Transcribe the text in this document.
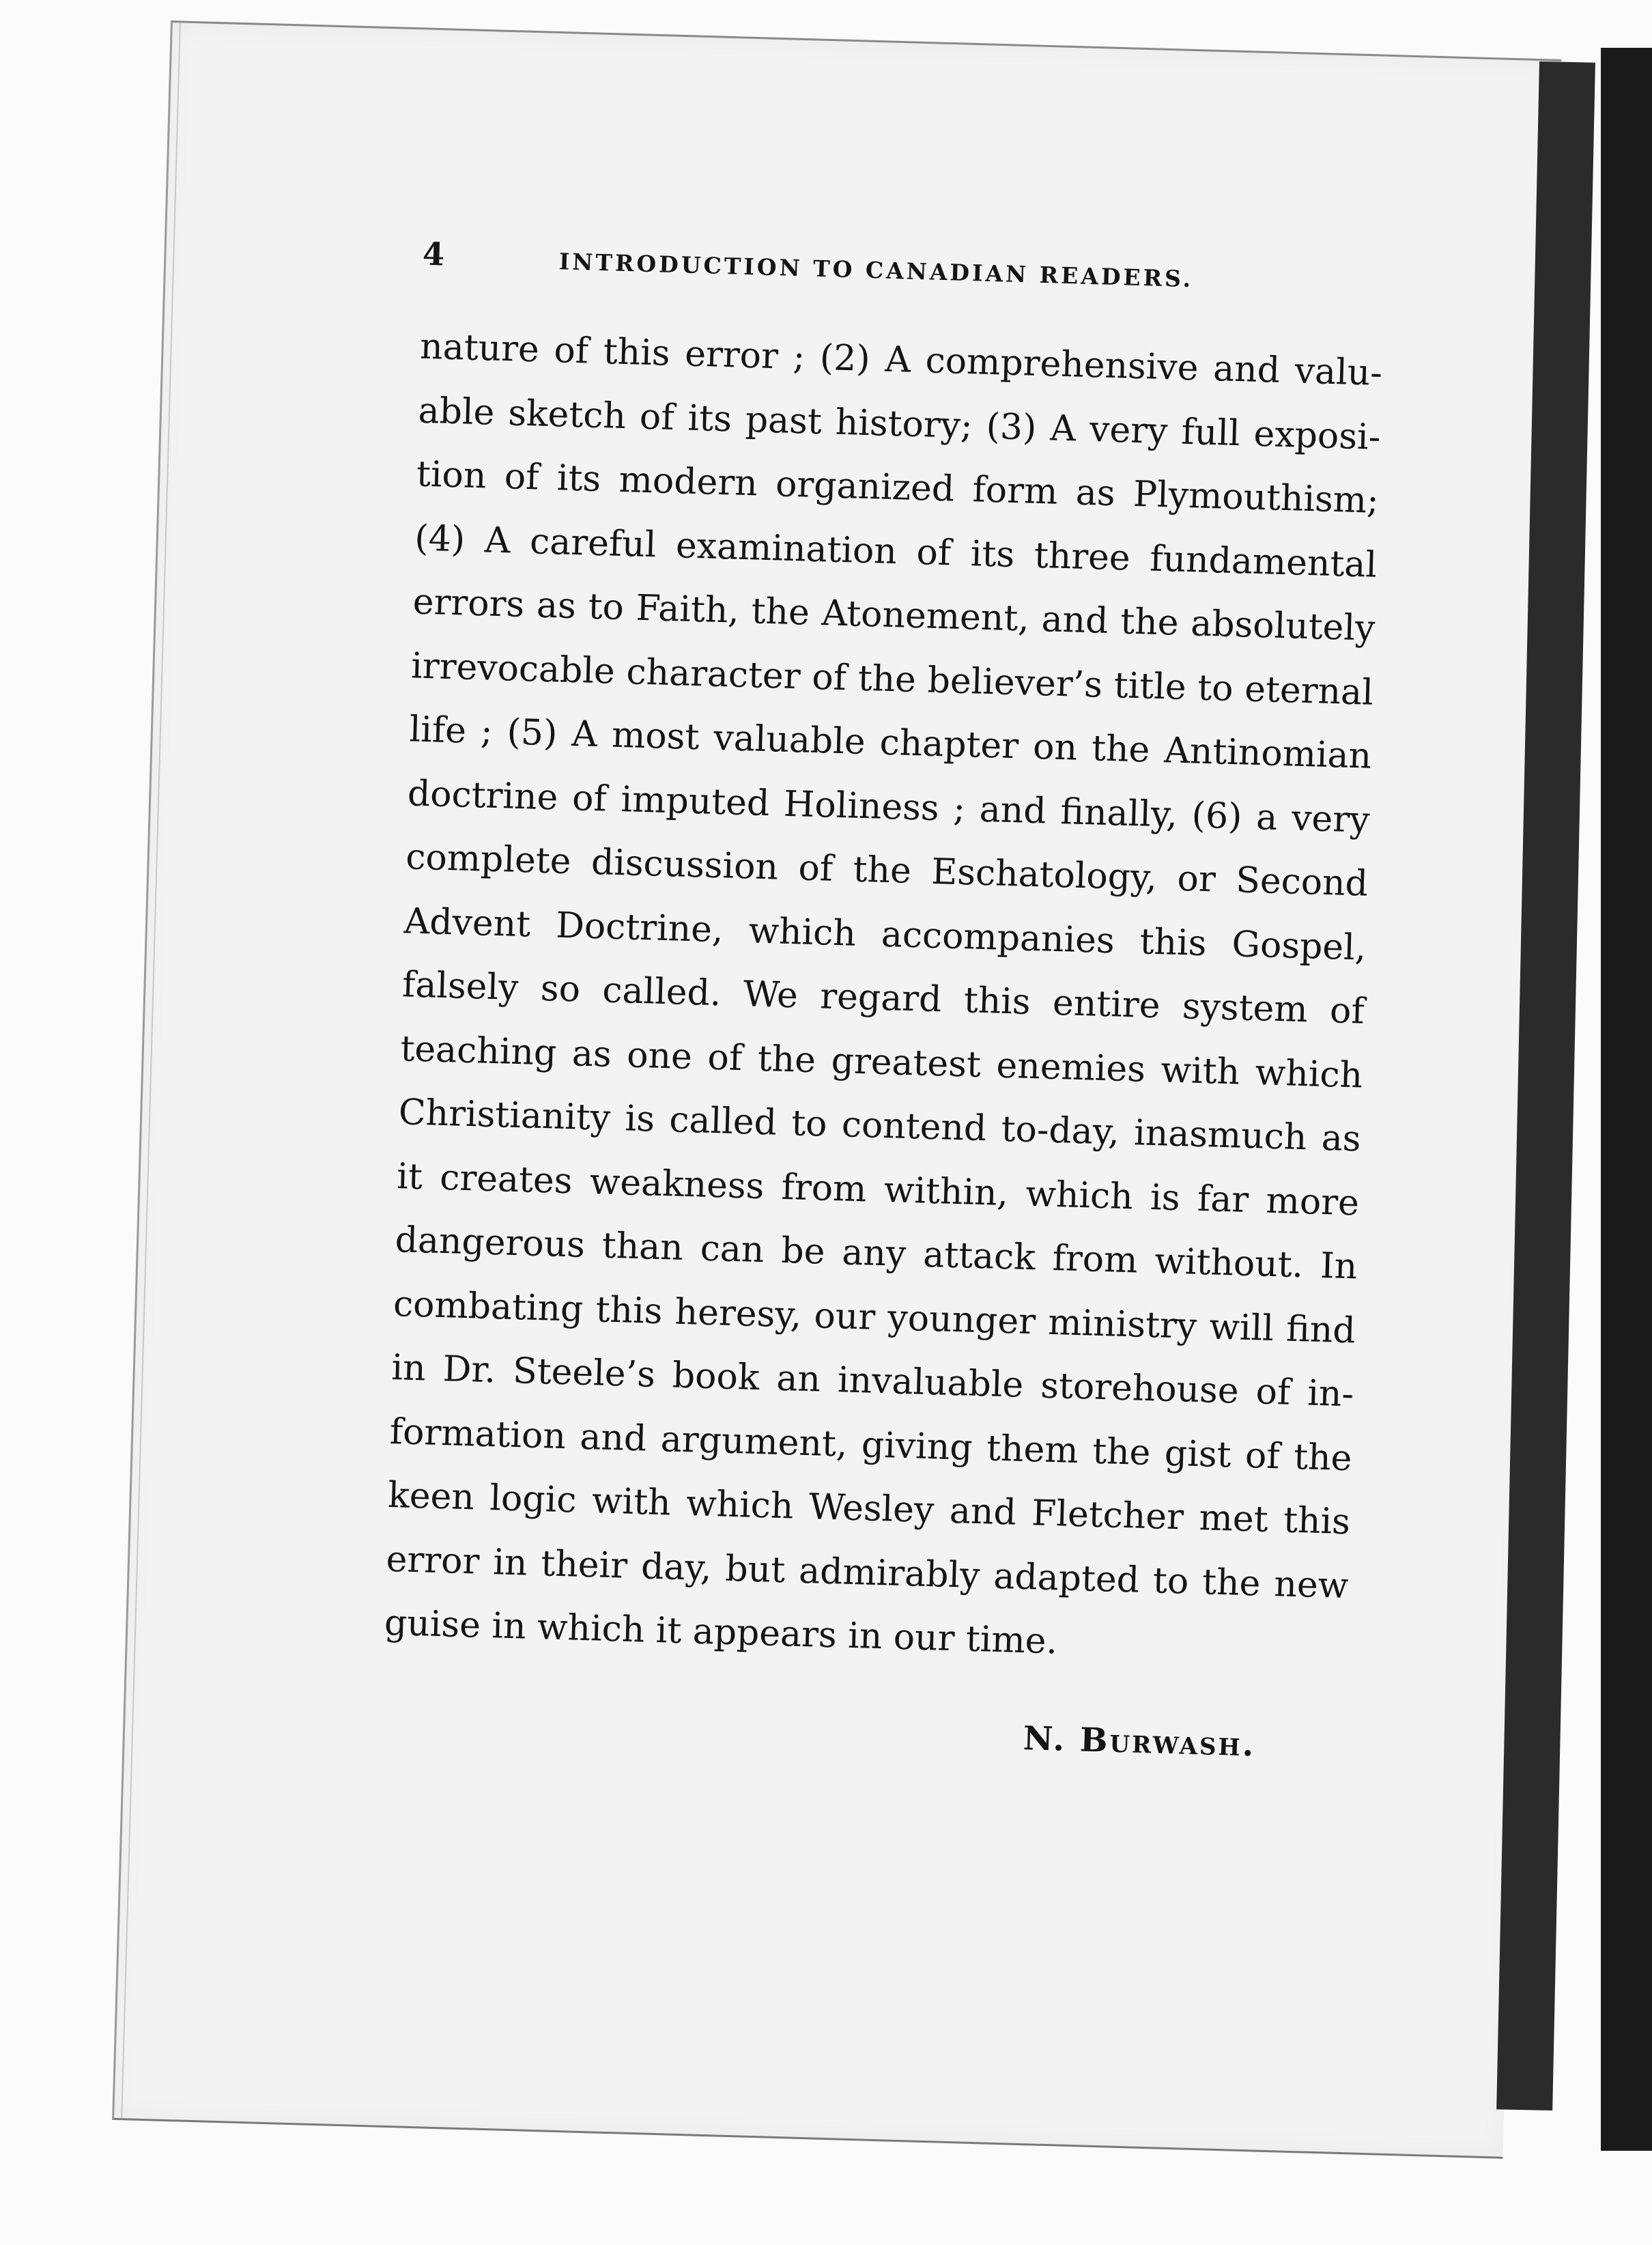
4	INTRODUCTION TO CANADIAN READERS.
nature of this error ; (2) A comprehensive and valu-
able sketch of its past history; (3) A very full exposi-
tion of its modern organized form as Plymouthism;
(4) A careful examination of its three fundamental
errors as to Faith, the Atonement, and the absolutely
irrevocable character of the believer’s title to eternal
life ; (5) A most valuable chapter on the Antinomian
doctrine of imputed Holiness ; and finally, (6) a very
complete discussion of the Eschatology, or Second
Advent Doctrine, which accompanies this Gospel,
falsely so called. We regard this entire system of
teaching as one of the greatest enemies with which
Christianity is called to contend to-day, inasmuch as
it creates weakness from within, which is far more
dangerous than can be any attack from without. In
combating this heresy, our younger ministry will find
in Dr. Steele’s book an invaluable storehouse of in-
formation and argument, giving them the gist of the
keen logic with which Wesley and Fletcher met this
error in their day, but admirably adapted to the new
guise in which it appears in our time.
N. Burwash.
